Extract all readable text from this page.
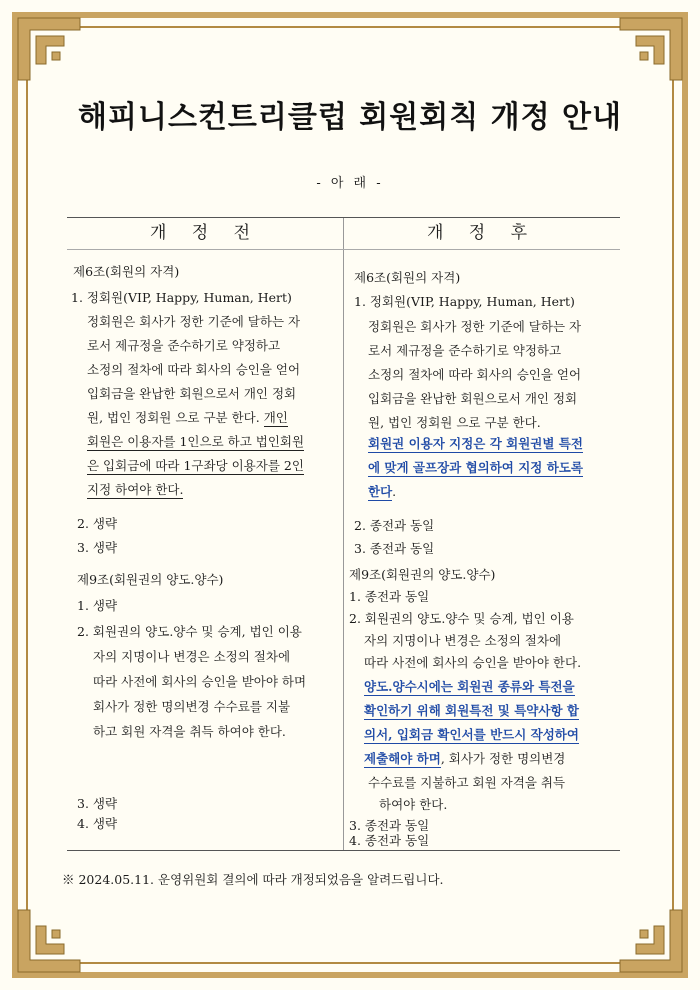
해피니스컨트리클럽 회원회칙 개정 안내
- 아 래 -
개 정 전	개 정 후
제6조(회원의 자격)
1. 정회원(VIP, Happy, Human, Hert)
정회원은 회사가 정한 기준에 달하는 자
로서 제규정을 준수하기로 약정하고
소정의 절차에 따라 회사의 승인을 얻어
입회금을 완납한 회원으로서 개인 정회
원, 법인 정회원 으로 구분 한다. 개인
회원은 이용자를 1인으로 하고 법인회원
은 입회금에 따라 1구좌당 이용자를 2인
지정 하여야 한다.
2. 생략
3. 생략
제9조(회원권의 양도.양수)
1. 생략
2. 회원권의 양도.양수 및 승계, 법인 이용
자의 지명이나 변경은 소정의 절차에
따라 사전에 회사의 승인을 받아야 하며
회사가 정한 명의변경 수수료를 지불
하고 회원 자격을 취득 하여야 한다.
3. 생략
4. 생략
제6조(회원의 자격)
1. 정회원(VIP, Happy, Human, Hert)
정회원은 회사가 정한 기준에 달하는 자
로서 제규정을 준수하기로 약정하고
소정의 절차에 따라 회사의 승인을 얻어
입회금을 완납한 회원으로서 개인 정회
원, 법인 정회원 으로 구분 한다.
회원권 이용자 지정은 각 회원권별 특전
에 맞게 골프장과 협의하여 지정 하도록
한다.
2. 종전과 동일
3. 종전과 동일
제9조(회원권의 양도.양수)
1. 종전과 동일
2. 회원권의 양도.양수 및 승계, 법인 이용
자의 지명이나 변경은 소정의 절차에
따라 사전에 회사의 승인을 받아야 한다.
양도.양수시에는 회원권 종류와 특전을
확인하기 위해 회원특전 및 특약사항 합
의서, 입회금 확인서를 반드시 작성하여
제출해야 하며, 회사가 정한 명의변경
수수료를 지불하고 회원 자격을 취득
하여야 한다.
3. 종전과 동일
4. 종전과 동일
※ 2024.05.11. 운영위원회 결의에 따라 개정되었음을 알려드립니다.
